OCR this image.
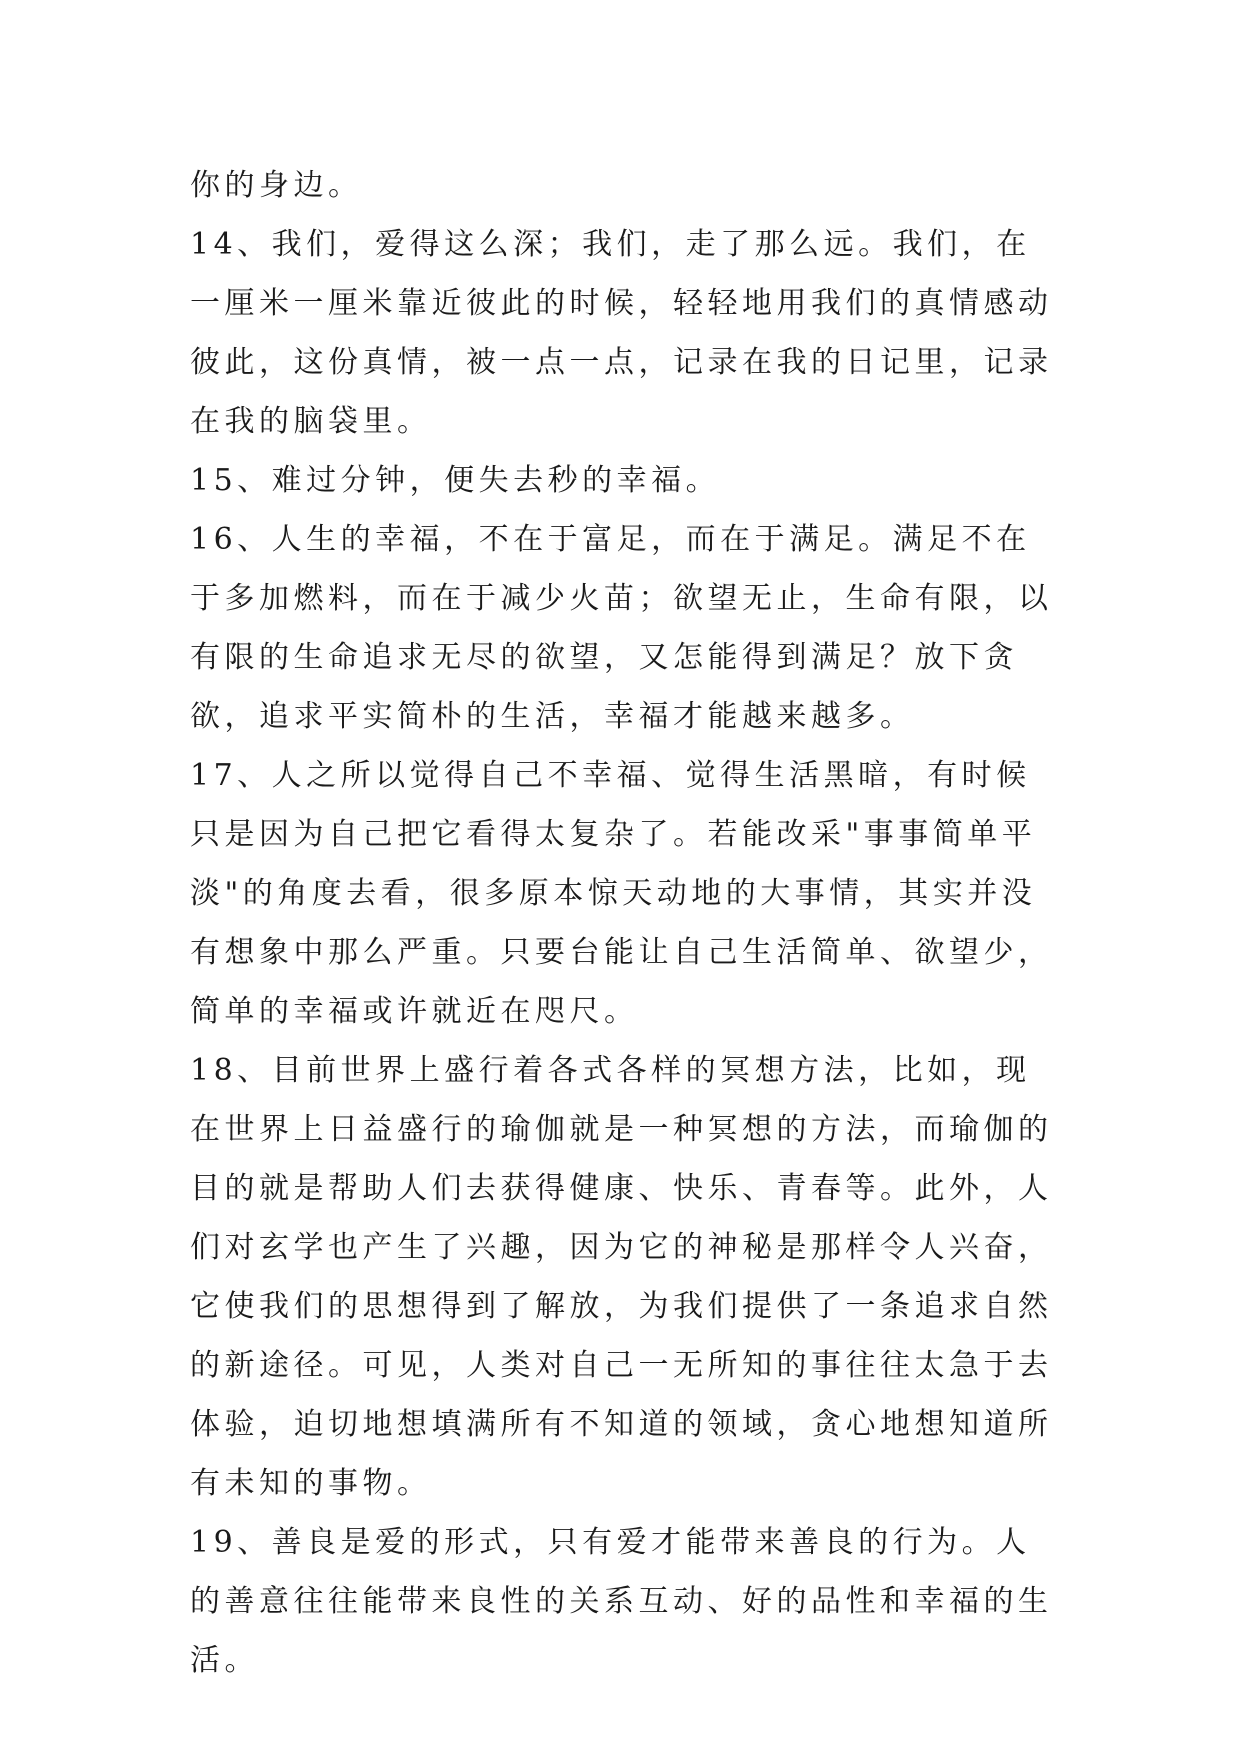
你的身边。

14、我们，爱得这么深；我们，走了那么远。我们，在一厘米一厘米靠近彼此的时候，轻轻地用我们的真情感动彼此，这份真情，被一点一点，记录在我的日记里，记录在我的脑袋里。

15、难过分钟，便失去秒的幸福。

16、人生的幸福，不在于富足，而在于满足。满足不在于多加燃料，而在于减少火苗；欲望无止，生命有限，以有限的生命追求无尽的欲望，又怎能得到满足？放下贪欲，追求平实简朴的生活，幸福才能越来越多。

17、人之所以觉得自己不幸福、觉得生活黑暗，有时候只是因为自己把它看得太复杂了。若能改采"事事简单平淡"的角度去看，很多原本惊天动地的大事情，其实并没有想象中那么严重。只要台能让自己生活简单、欲望少，简单的幸福或许就近在咫尺。

18、目前世界上盛行着各式各样的冥想方法，比如，现在世界上日益盛行的瑜伽就是一种冥想的方法，而瑜伽的目的就是帮助人们去获得健康、快乐、青春等。此外，人们对玄学也产生了兴趣，因为它的神秘是那样令人兴奋，它使我们的思想得到了解放，为我们提供了一条追求自然的新途径。可见，人类对自己一无所知的事往往太急于去体验，迫切地想填满所有不知道的领域，贪心地想知道所有未知的事物。

19、善良是爱的形式，只有爱才能带来善良的行为。人的善意往往能带来良性的关系互动、好的品性和幸福的生活。
